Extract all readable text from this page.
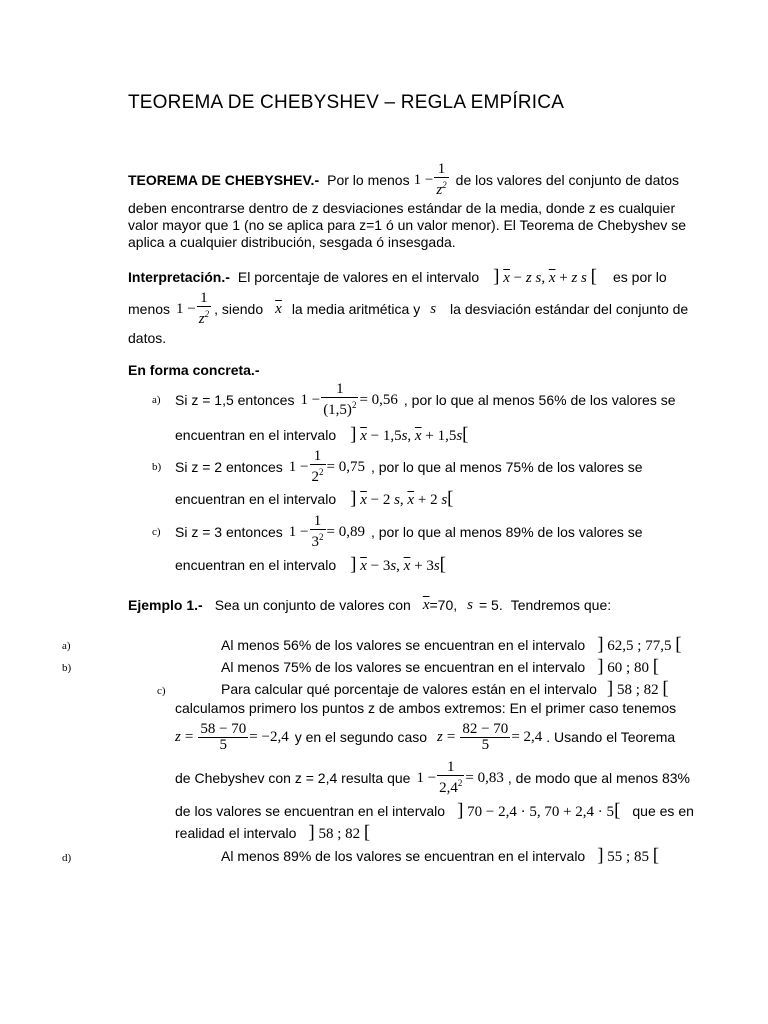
TEOREMA DE CHEBYSHEV – REGLA EMPÍRICA
TEOREMA DE CHEBYSHEV.- Por lo menos $1 - \frac{1}{z^2}$ de los valores del conjunto de datos
deben encontrarse dentro de z desviaciones estándar de la media, donde z es cualquier
valor mayor que 1 (no se aplica para z=1 ó un valor menor). El Teorema de Chebyshev se
aplica a cualquier distribución, sesgada ó insesgada.
Interpretación.- El porcentaje de valores en el intervalo ] $\overline{x} - z$ s, $\overline{x} + z$ s [ es por lo
menos $1 - \frac{1}{z^2}$ , siendo $\overline{x}$ la media aritmética y s la desviación estándar del conjunto de
datos.
En forma concreta.-
a)	Si z = 1,5 entonces $1 - \frac{1}{(1,5)^2} = 0,56$ , por lo que al menos 56% de los valores se
encuentran en el intervalo ] $\overline{x} - 1,5s$, $\overline{x} + 1,5s$[
b) Si z = 2 entonces $1 - \frac{1}{2^2} = 0,75$ , por lo que al menos 75% de los valores se
encuentran en el intervalo ] $\overline{x} - 2$ s, $\overline{x} + 2$ s[
c)	Si z = 3 entonces $1 - \frac{1}{3^2} = 0,89$ , por lo que al menos 89% de los valores se
encuentran en el intervalo ] $\overline{x} - 3s$, $\overline{x} + 3s$[
Ejemplo 1.- Sea un conjunto de valores con $\overline{x} =70$, s = 5. Tendremos que:
a)	Al menos 56% de los valores se encuentran en el intervalo ] 62,5 ; 77,5 [
b)	Al menos 75% de los valores se encuentran en el intervalo ] 60 ; 80 [
c)	Para calcular qué porcentaje de valores están en el intervalo ] 58 ; 82 [
calculamos primero los puntos z de ambos extremos: En el primer caso tenemos
$z = \frac{58 - 70}{5} = -2,4$ y en el segundo caso $z = \frac{82 - 70}{5} = 2,4$ . Usando el Teorema
de Chebyshev con z = 2,4 resulta que $1 - \frac{1}{2,4^2} = 0,83$ , de modo que al menos 83%
de los valores se encuentran en el intervalo ] 70 − 2,4 · 5, 70 + 2,4 · 5[ que es en
realidad el intervalo ] 58 ; 82 [
d)	Al menos 89% de los valores se encuentran en el intervalo ] 55 ; 85 [
